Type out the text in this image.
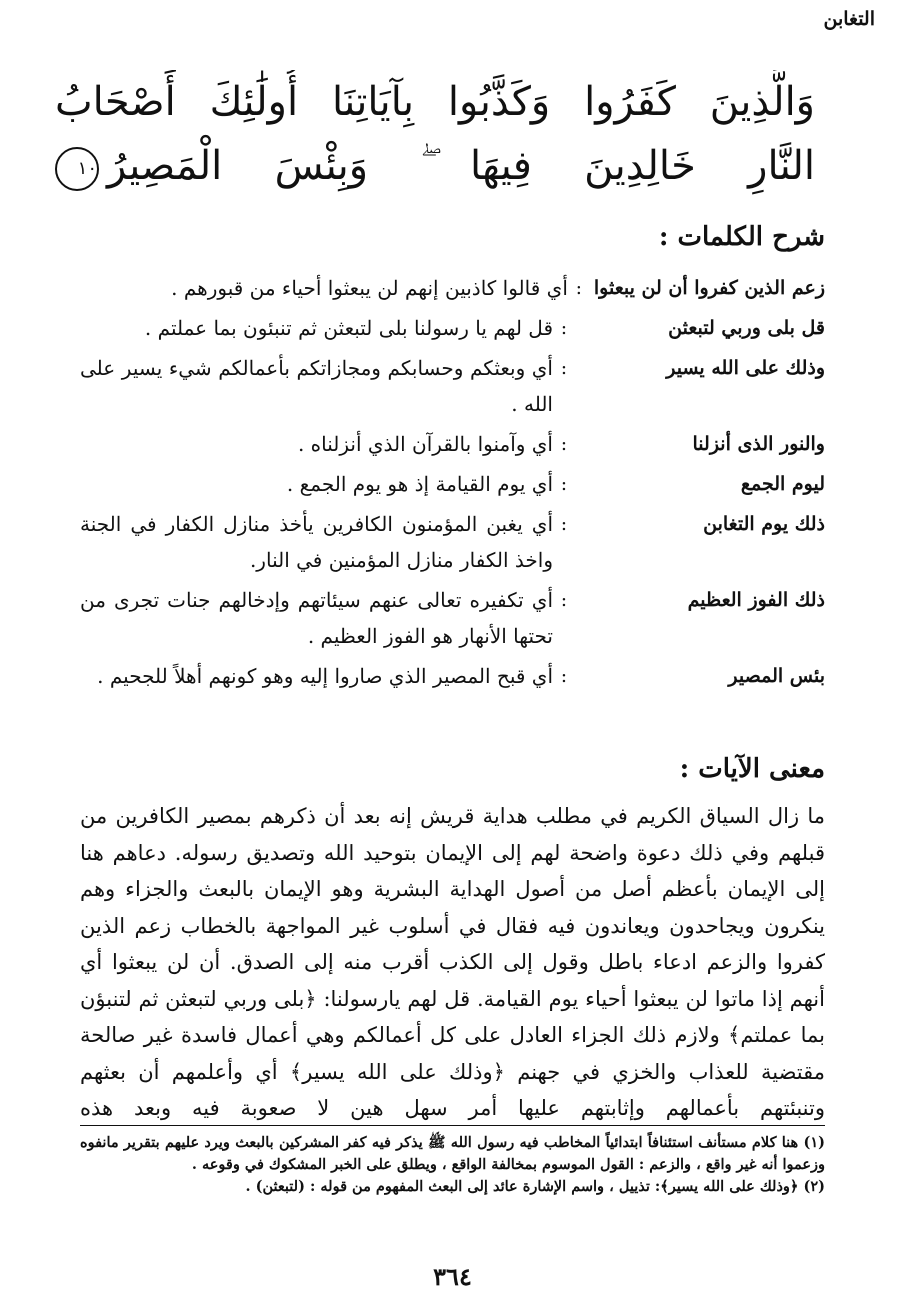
التغابن
وَالَّذِينَ كَفَرُوا وَكَذَّبُوا بِآيَاتِنَا أُولَٰئِكَ أَصْحَابُ
النَّارِ خَالِدِينَ فِيهَا ۖ وَبِئْسَ الْمَصِيرُ١٠
شرح الكلمات :
زعم الذين كفروا أن لن يبعثوا
:
أي قالوا كاذبين إنهم لن يبعثوا أحياء من قبورهم .
قل بلى وربي لتبعثن
:
قل لهم يا رسولنا بلى لتبعثن ثم تنبئون بما عملتم .
وذلك على الله يسير
:
أي وبعثكم وحسابكم ومجازاتكم بأعمالكم شيء يسير على الله .
والنور الذى أنزلنا
:
أي وآمنوا بالقرآن الذي أنزلناه .
ليوم الجمع
:
أي يوم القيامة إذ هو يوم الجمع .
ذلك يوم التغابن
:
أي يغبن المؤمنون الكافرين يأخذ منازل الكفار في الجنة واخذ الكفار منازل المؤمنين في النار.
ذلك الفوز العظيم
:
أي تكفيره تعالى عنهم سيئاتهم وإدخالهم جنات تجرى من تحتها الأنهار هو الفوز العظيم .
بئس المصير
:
أي قبح المصير الذي صاروا إليه وهو كونهم أهلاً للجحيم .
معنى الآيات :

ما زال السياق الكريم في مطلب هداية قريش إنه بعد أن ذكرهم بمصير الكافرين من قبلهم وفي ذلك دعوة واضحة لهم إلى الإيمان بتوحيد الله وتصديق رسوله. دعاهم هنا إلى الإيمان بأعظم أصل من أصول الهداية البشرية وهو الإيمان بالبعث والجزاء وهم ينكرون ويجاحدون ويعاندون فيه فقال في أسلوب غير المواجهة بالخطاب زعم الذين كفروا والزعم ادعاء باطل وقول إلى الكذب أقرب منه إلى الصدق. أن لن يبعثوا أي أنهم إذا ماتوا لن يبعثوا أحياء يوم القيامة. قل لهم يارسولنا: ﴿بلى وربي لتبعثن ثم لتنبؤن بما عملتم﴾ ولازم ذلك الجزاء العادل على كل أعمالكم وهي أعمال فاسدة غير صالحة مقتضية للعذاب والخزي في جهنم ﴿وذلك على الله يسير﴾ أي وأعلمهم أن بعثهم وتنبئتهم بأعمالهم وإثابتهم عليها أمر سهل هين لا صعوبة فيه وبعد هذه

(١) هنا كلام مستأنف استئنافاً ابتدائياً المخاطب فيه رسول الله ﷺ يذكر فيه كفر المشركين بالبعث ويرد عليهم بتقرير مانفوه وزعموا أنه غير واقع ، والزعم : القول الموسوم بمخالفة الواقع ، ويطلق على الخبر المشكوك في وقوعه .

(٢) ﴿وذلك على الله يسير﴾: تذييل ، واسم الإشارة عائد إلى البعث المفهوم من قوله : (لتبعثن) .

٣٦٤
